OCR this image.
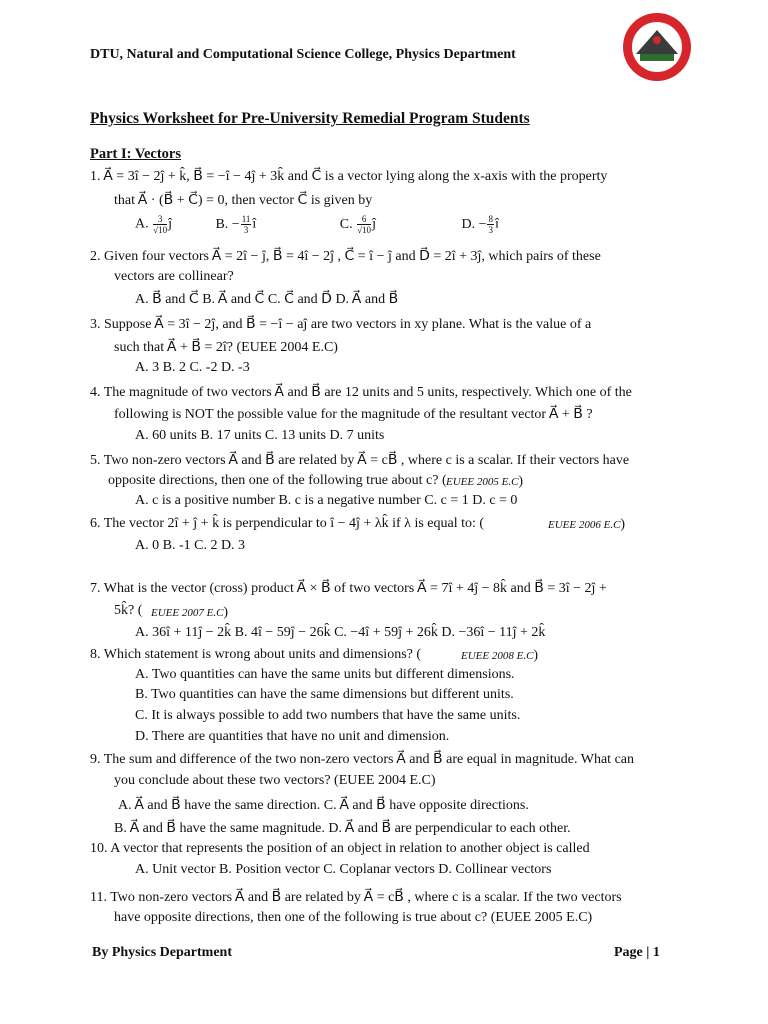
DTU, Natural and Computational Science College, Physics Department
Physics Worksheet for Pre-University Remedial Program Students
Part I: Vectors
1. A⃗ = 3î − 2ĵ + k̂, B⃗ = −î − 4ĵ + 3k̂ and C⃗ is a vector lying along the x-axis with the property
that A⃗ · (B⃗ + C⃗) = 0, then vector C⃗ is given by
2. Given four vectors A⃗ = 2î − ĵ, B⃗ = 4î − 2ĵ , C⃗ = î − ĵ and D⃗ = 2î + 3ĵ, which pairs of these
vectors are collinear?
A. B⃗ and C⃗ B. A⃗ and C⃗ C. C⃗ and D⃗ D. A⃗ and B⃗
3. Suppose A⃗ = 3î − 2ĵ, and B⃗ = −î − aĵ are two vectors in xy plane. What is the value of a
such that A⃗ + B⃗ = 2î? (EUEE 2004 E.C)
A. 3 B. 2 C. -2 D. -3
4. The magnitude of two vectors A⃗ and B⃗ are 12 units and 5 units, respectively. Which one of the
following is NOT the possible value for the magnitude of the resultant vector A⃗ + B⃗ ?
A. 60 units B. 17 units C. 13 units D. 7 units
5. Two non-zero vectors A⃗ and B⃗ are related by A⃗ = cB⃗ , where c is a scalar. If their vectors have
opposite directions, then one of the following true about c? (
A. c is a positive number B. c is a negative number C. c = 1 D. c = 0
6. The vector 2î + ĵ + k̂ is perpendicular to î − 4ĵ + λk̂ if λ is equal to: (
A. 0 B. -1 C. 2 D. 3
7. What is the vector (cross) product A⃗ × B⃗ of two vectors A⃗ = 7î + 4ĵ − 8k̂ and B⃗ = 3î − 2ĵ +
5k̂? (
A. 36î + 11ĵ − 2k̂ B. 4î − 59ĵ − 26k̂ C. −4î + 59ĵ + 26k̂ D. −36î − 11ĵ + 2k̂
8. Which statement is wrong about units and dimensions? (
A. Two quantities can have the same units but different dimensions.
B. Two quantities can have the same dimensions but different units.
C. It is always possible to add two numbers that have the same units.
D. There are quantities that have no unit and dimension.
9. The sum and difference of the two non-zero vectors A⃗ and B⃗ are equal in magnitude. What can
you conclude about these two vectors? (EUEE 2004 E.C)
A. A⃗ and B⃗ have the same direction. C. A⃗ and B⃗ have opposite directions.
B. A⃗ and B⃗ have the same magnitude. D. A⃗ and B⃗ are perpendicular to each other.
10. A vector that represents the position of an object in relation to another object is called
A. Unit vector B. Position vector C. Coplanar vectors D. Collinear vectors
11. Two non-zero vectors A⃗ and B⃗ are related by A⃗ = cB⃗ , where c is a scalar. If the two vectors
have opposite directions, then one of the following is true about c? (EUEE 2005 E.C)
EUEE 2005 E.C)
EUEE 2006 E.C)
EUEE 2007 E.C)
EUEE 2008 E.C)
A. $\frac{3}{√10}$ ĵ	B. − $\frac{11}{3}$ î	C. $\frac{6}{√10}$ ĵ	D. − $\frac{8}{3}$ î
By Physics Department	Page | 1
